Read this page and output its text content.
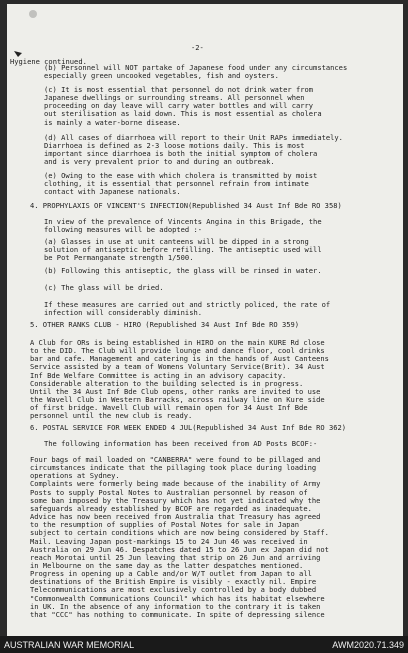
-2-
Hygiene continued.
(b) Personnel will NOT partake of Japanese food under any circumstances
especially green uncooked vegetables, fish and oysters.
(c) It is most essential that personnel do not drink water from
Japanese dwellings or surrounding streams. All personnel when
proceeding on day leave will carry water bottles and will carry
out sterilisation as laid down. This is most essential as cholera
is mainly a water-borne disease.
(d) All cases of diarrhoea will report to their Unit RAPs immediately.
Diarrhoea is defined as 2-3 loose motions daily. This is most
important since diarrhoea is both the initial symptom of cholera
and is very prevalent prior to and during an outbreak.
(e) Owing to the ease with which cholera is transmitted by moist
clothing, it is essential that personnel refrain from intimate
contact with Japanese nationals.
4. PROPHYLAXIS OF VINCENT'S INFECTION(Republished 34 Aust Inf Bde RO 358)
In view of the prevalence of Vincents Angina in this Brigade, the
following measures will be adopted :-
(a) Glasses in use at unit canteens will be dipped in a strong
solution of antiseptic before refilling. The antiseptic used will
be Pot Permanganate strength 1/500.
(b) Following this antiseptic, the glass will be rinsed in water.
(c) The glass will be dried.
If these measures are carried out and strictly policed, the rate of
infection will considerably diminish.
5. OTHER RANKS CLUB - HIRO (Republished 34 Aust Inf Bde RO 359)
A Club for ORs is being established in HIRO on the main KURE Rd close
to the DID. The Club will provide lounge and dance floor, cool drinks
bar and cafe. Management and catering is in the hands of Aust Canteens
Service assisted by a team of Womens Voluntary Service(Brit). 34 Aust
Inf Bde Welfare Committee is acting in an advisory capacity.
Considerable alteration to the building selected is in progress.
Until the 34 Aust Inf Bde Club opens, other ranks are invited to use
the Wavell Club in Western Barracks, across railway line on Kure side
of first bridge. Wavell Club will remain open for 34 Aust Inf Bde
personnel until the new club is ready.
6. POSTAL SERVICE FOR WEEK ENDED 4 JUL(Republished 34 Aust Inf Bde RO 362)
The following information has been received from AD Posts BCOF:-
Four bags of mail loaded on "CANBERRA" were found to be pillaged and
circumstances indicate that the pillaging took place during loading
operations at Sydney.
Complaints were formerly being made because of the inability of Army
Posts to supply Postal Notes to Australian personnel by reason of
some ban imposed by the Treasury which has not yet indicated why the
safeguards already established by BCOF are regarded as inadequate.
Advice has now been received from Australia that Treasury has agreed
to the resumption of supplies of Postal Notes for sale in Japan
subject to certain conditions which are now being considered by Staff.
Mail. Leaving Japan post-markings 15 to 24 Jun 46 was received in
Australia on 29 Jun 46. Despatches dated 15 to 26 Jun ex Japan did not
reach Morotai until 25 Jun leaving that strip on 26 Jun and arriving
in Melbourne on the same day as the latter despatches mentioned.
Progress in opening up a Cable and/or W/T outlet from Japan to all
destinations of the British Empire is visibly - exactly nil. Empire
Telecommunications are most exclusively controlled by a body dubbed
"Commonwealth Communications Council" which has its habitat elsewhere
in UK. In the absence of any information to the contrary it is taken
that "CCC" has nothing to communicate. In spite of depressing silence
AUSTRALIAN WAR MEMORIAL	AWM2020.71.349
